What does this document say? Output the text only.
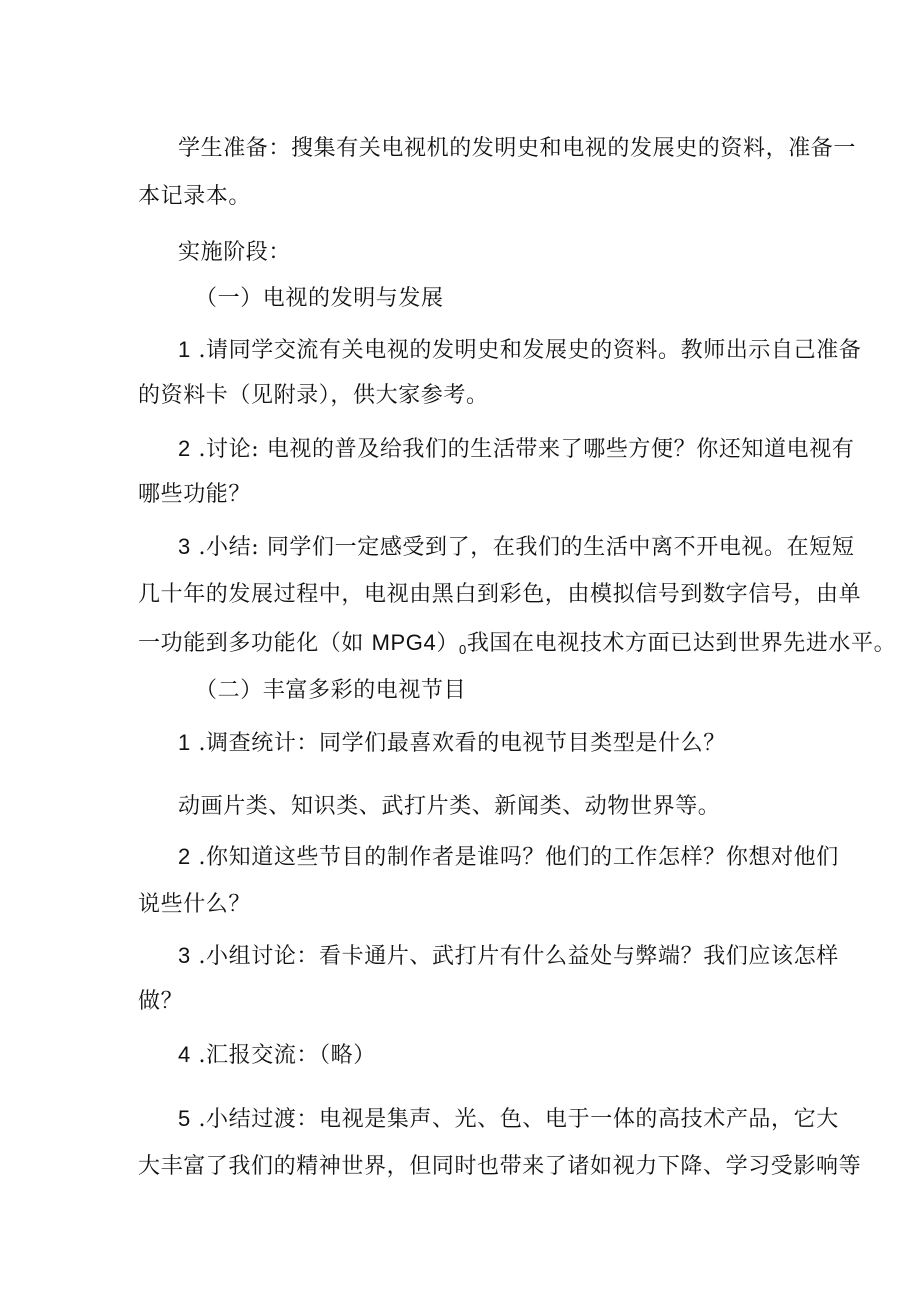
学生准备：搜集有关电视机的发明史和电视的发展史的资料，准备一
本记录本。
实施阶段：
（一）电视的发明与发展
1 .请同学交流有关电视的发明史和发展史的资料。教师出示自己准备
的资料卡（见附录），供大家参考。
2 .讨论: 电视的普及给我们的生活带来了哪些方便？你还知道电视有
哪些功能？
3 .小结: 同学们一定感受到了，在我们的生活中离不开电视。在短短
几十年的发展过程中，电视由黑白到彩色，由模拟信号到数字信号，由单
一功能到多功能化（如 $MPG4)_0$我国在电视技术方面已达到世界先进水平。
（二）丰富多彩的电视节目
1 .调查统计：同学们最喜欢看的电视节目类型是什么？
动画片类、知识类、武打片类、新闻类、动物世界等。
2 .你知道这些节目的制作者是谁吗？他们的工作怎样？你想对他们
说些什么？
3 .小组讨论：看卡通片、武打片有什么益处与弊端？我们应该怎样
做？
4 .汇报交流：（略）
5 .小结过渡：电视是集声、光、色、电于一体的高技术产品，它大
大丰富了我们的精神世界，但同时也带来了诸如视力下降、学习受影响等
